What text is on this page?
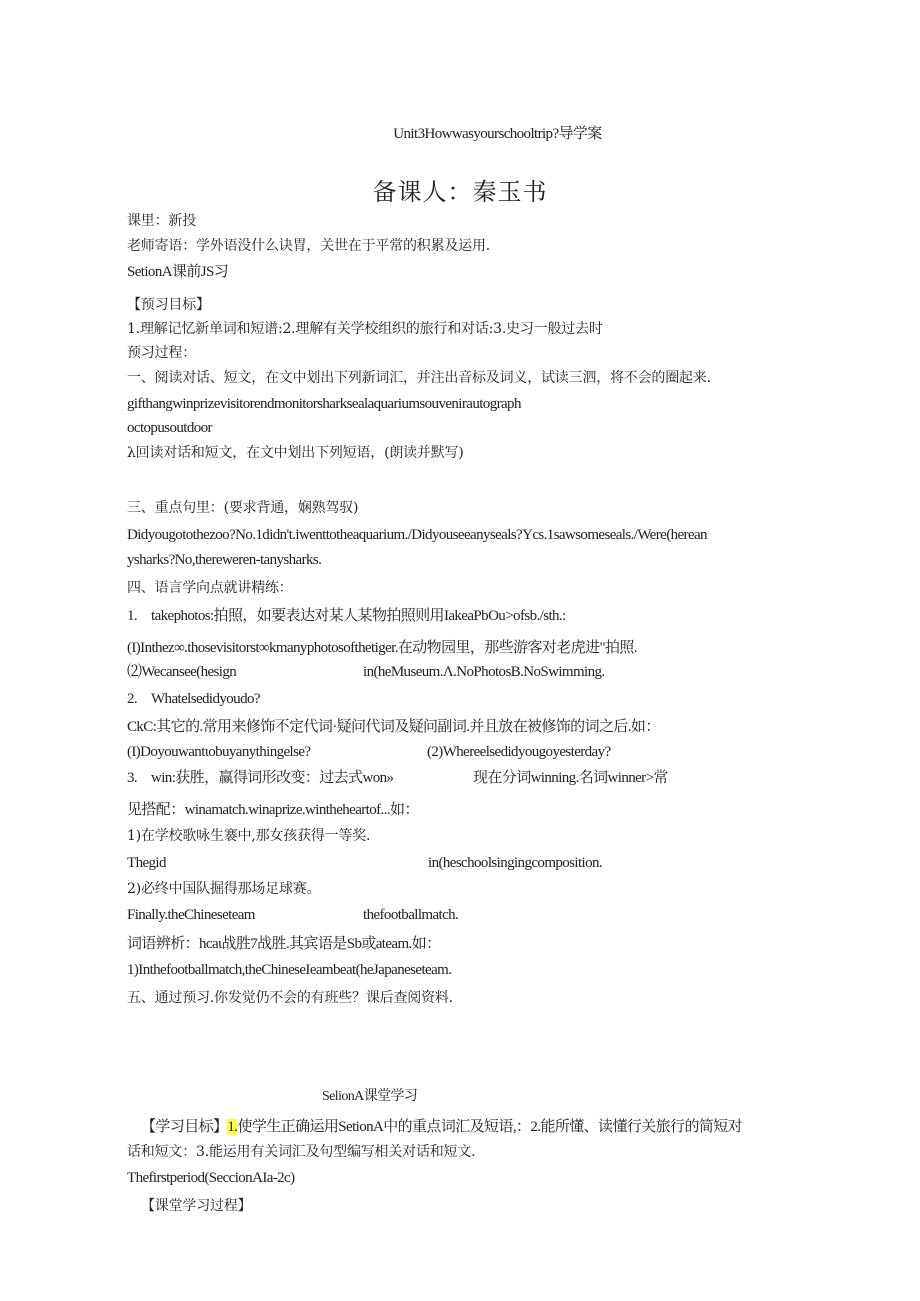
Unit3Howwasyourschooltrip?导学案
备课人：秦玉书
课里：新投
老师寄语：学外语没什么诀胃，关世在于平常的积累及运用.
SetionA课前JS习
【预习目标】
1.理解记忆新单词和短谱:2.理解有关学校组织的旅行和对话:3.史习一般过去时
预习过程：
一、阅读对话、短文，在文中划出下列新词汇，并注出音标及词义，试读三泗，将不会的圈起来.
gifthangwinprizevisitorendmonitorsharksealaquariumsouvenirautograph
octopusoutdoor
λ回读对话和短文，在文中划出下列短语，(朗读并默写)
三、重点句里：(要求背通，娴熟驾驭)
Didyougotothezoo?No.1didn't.iwenttotheaquarium./Didyouseeanyseals?Ycs.1sawsomeseals./Were(herean
ysharks?No,thereweren-tanysharks.
四、语言学向点就讲精练：
1. takephotos:拍照，如要表达对某人某物拍照则用IakeaPbOu>ofsb./sth.:
(I)Inthez∞.thosevisitorst∞kmanyphotosofthetiger.在动物园里，那些游客对老虎进"拍照.
⑵Wecansee(hesign	in(heMuseum.Λ.NoPhotosB.NoSwimming.
2. Whatelsedidyoudo?
CkC:其它的.常用来修饰不定代词·疑问代词及疑问副词.并且放在被修饰的词之后.如：
(I)Doyouwantιobuyanythingelse?	(2)Whereelsedidyougoyesterday?
3. win:获胜，赢得词形改变：过去式won»	现在分词winning.名词winner>常
见搭配：winamatch.winaprize.wintheheartof...如：
1)在学校歌咏生褰中,那女孩获得一等奖.
Thegid	in(heschoolsingingcomposition.
2)必终中国队掘得那场足球赛。
Finally.theChineseteam	thefootballmatch.
词语辨析：hcaι战胜7战胜.其宾语是Sb或ateam.如：
1)Inthefootballmatch,theChineseIeambeat(heJapaneseteam.
五、通过预习.你发觉仍不会的有班些？课后查阅资料.
SelionA课堂学习
【学习目标】1.使学生正确运用SetionA中的重点词汇及短语,：2.能所懂、读懂行关旅行的简短对
话和短文：3.能运用有关词汇及句型编写相关对话和短文.
Thefirstperiod(SeccionAIa-2c)
【课堂学习过程】
